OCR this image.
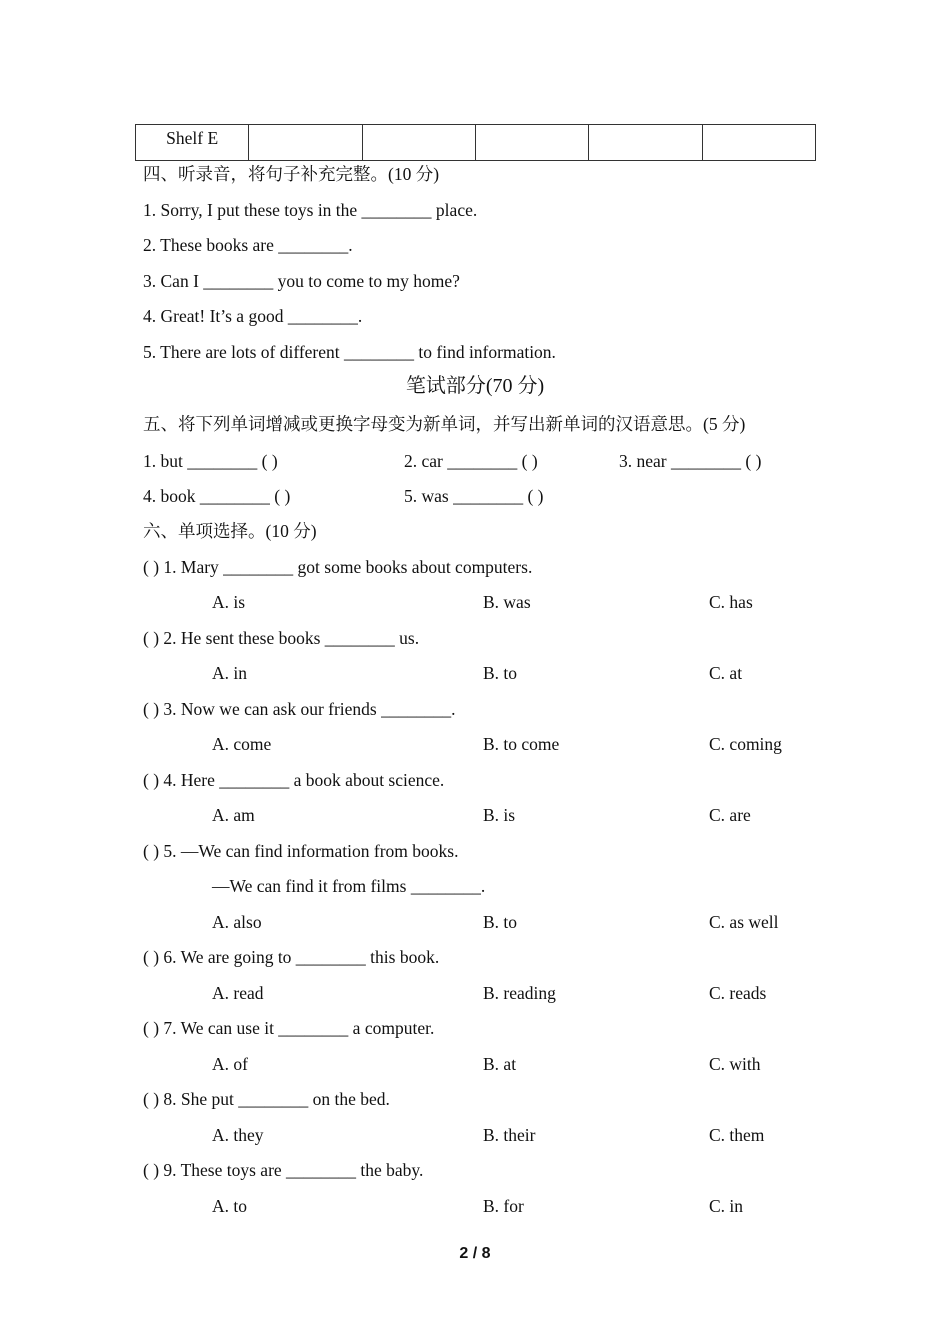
Shelf E					
四、听录音，将句子补充完整。(10 分)
1. Sorry, I put these toys in the ________ place.
2. These books are ________.
3. Can I ________ you to come to my home?
4. Great! It’s a good ________.
5. There are lots of different ________ to find information.
笔试部分(70 分)
五、将下列单词增减或更换字母变为新单词，并写出新单词的汉语意思。(5 分)
1. but ________ ( )	2. car ________ ( )	3. near ________ ( )
4. book ________ ( )	5. was ________ ( )
六、单项选择。(10 分)
( ) 1. Mary ________ got some books about computers.
A. is	B. was	C. has
( ) 2. He sent these books ________ us.
A. in	B. to	C. at
( ) 3. Now we can ask our friends ________.
A. come	B. to come	C. coming
( ) 4. Here ________ a book about science.
A. am	B. is	C. are
( ) 5. —We can find information from books.
—We can find it from films ________.
A. also	B. to	C. as well
( ) 6. We are going to ________ this book.
A. read	B. reading	C. reads
( ) 7. We can use it ________ a computer.
A. of	B. at	C. with
( ) 8. She put ________ on the bed.
A. they	B. their	C. them
( ) 9. These toys are ________ the baby.
A. to	B. for	C. in
2 / 8
